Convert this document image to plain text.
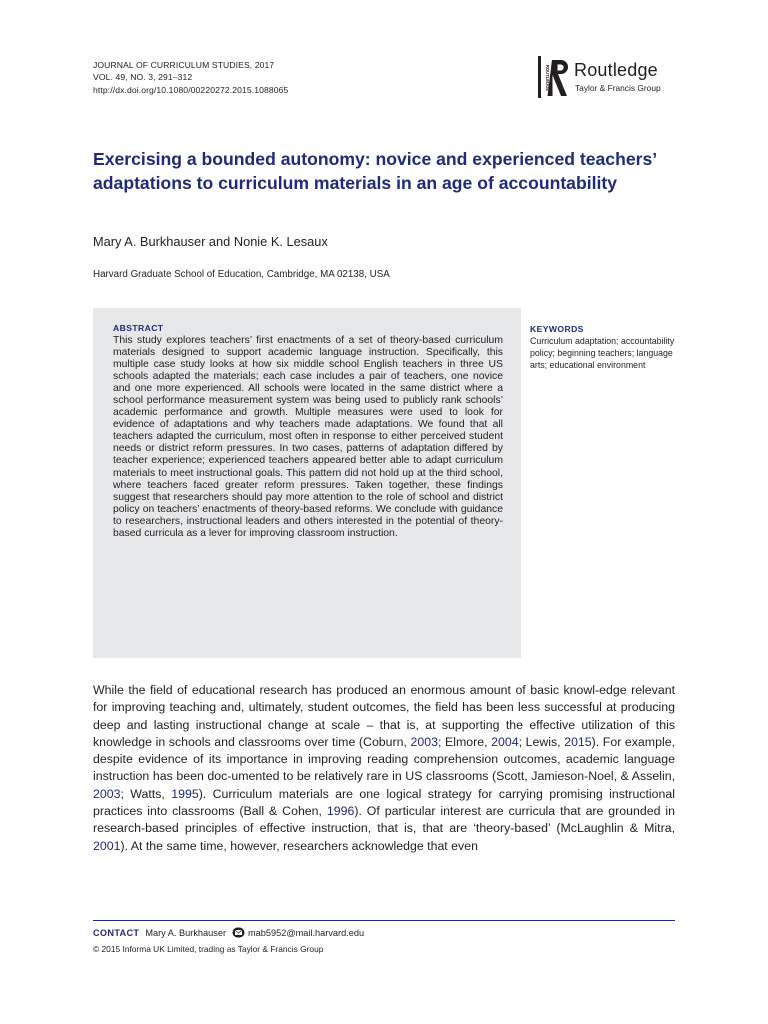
JOURNAL OF CURRICULUM STUDIES, 2017
VOL. 49, NO. 3, 291–312
http://dx.doi.org/10.1080/00220272.2015.1088065	ROUTLEDGE Routledge
Taylor & Francis Group
Exercising a bounded autonomy: novice and experienced teachers’ adaptations to curriculum materials in an age of accountability
Mary A. Burkhauser and Nonie K. Lesaux
Harvard Graduate School of Education, Cambridge, MA 02138, USA
ABSTRACT

This study explores teachers’ first enactments of a set of theory-based curriculum materials designed to support academic language instruction. Specifically, this multiple case study looks at how six middle school English teachers in three US schools adapted the materials; each case includes a pair of teachers, one novice and one more experienced. All schools were located in the same district where a school performance measurement system was being used to publicly rank schools’ academic performance and growth. Multiple measures were used to look for evidence of adaptations and why teachers made adaptations. We found that all teachers adapted the curriculum, most often in response to either perceived student needs or district reform pressures. In two cases, patterns of adaptation differed by teacher experience; experienced teachers appeared better able to adapt curriculum materials to meet instructional goals. This pattern did not hold up at the third school, where teachers faced greater reform pressures. Taken together, these findings suggest that researchers should pay more attention to the role of school and district policy on teachers’ enactments of theory-based reforms. We conclude with guidance to researchers, instructional leaders and others interested in the potential of theory-based curricula as a lever for improving classroom instruction.

KEYWORDS

Curriculum adaptation; accountability policy; beginning teachers; language arts; educational environment

While the field of educational research has produced an enormous amount of basic knowl-edge relevant for improving teaching and, ultimately, student outcomes, the field has been less successful at producing deep and lasting instructional change at scale – that is, at supporting the effective utilization of this knowledge in schools and classrooms over time (Coburn, 2003; Elmore, 2004; Lewis, 2015). For example, despite evidence of its importance in improving reading comprehension outcomes, academic language instruction has been doc-umented to be relatively rare in US classrooms (Scott, Jamieson-Noel, & Asselin, 2003; Watts, 1995). Curriculum materials are one logical strategy for carrying promising instructional practices into classrooms (Ball & Cohen, 1996). Of particular interest are curricula that are grounded in research-based principles of effective instruction, that is, that are ‘theory-based’ (McLaughlin & Mitra, 2001). At the same time, however, researchers acknowledge that even

CONTACT Mary A. Burkhauser mab5952@mail.harvard.edu
© 2015 Informa UK Limited, trading as Taylor & Francis Group
